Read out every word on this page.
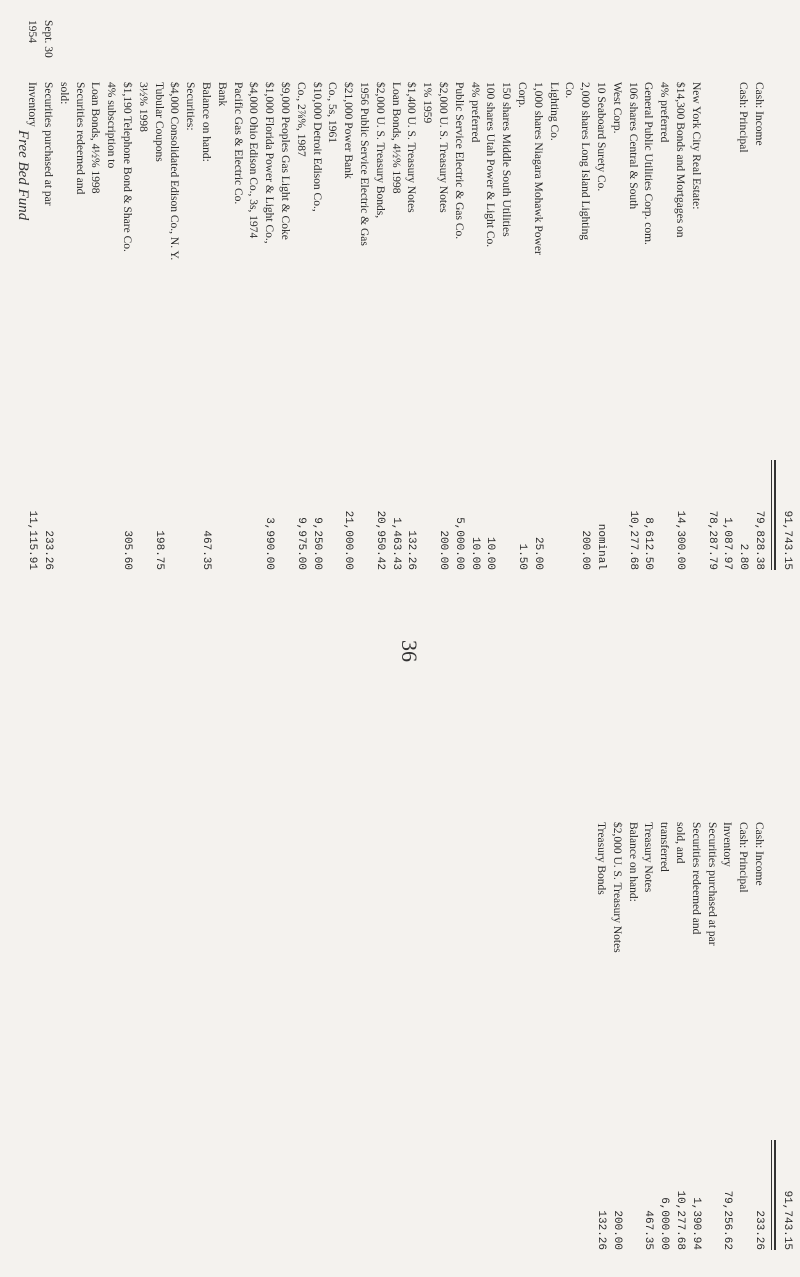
91,743.15
Cash: Income
79,828.38
Cash: Principal
2.80
1,087.97
78,287.79
New York City Real Estate:
$14,300 Bonds and Mortgages on
14,300.00
4% preferred
General Public Utilities Corp. com.
8,612.50
106 shares Central & South
10,277.68
West Corp.
10 Seaboard Surety Co.
nominal
2,000 shares Long Island Lighting
200.00
Co.
Lighting Co.
1,000 shares Niagara Mohawk Power
25.00
Corp.
1.50
150 shares Middle South Utilities
100 shares Utah Power & Light Co.
10.00
4% preferred
10.00
Public Service Electric & Gas Co.
5,000.00
$2,000 U. S. Treasury Notes
200.00
1% 1959
$1,400 U. S. Treasury Notes
132.26
Loan Bonds, 4½% 1998
1,463.43
$2,000 U. S. Treasury Bonds,
20,950.42
1956 Public Service Electric & Gas
$21,000 Power Bank
21,000.00
Co., 5s, 1961
$10,000 Detroit Edison Co.,
9,250.00
Co., 2⅞%, 1987
9,975.00
$9,000 Peoples Gas Light & Coke
$1,000 Florida Power & Light Co.,
3,990.00
$4,000 Ohio Edison Co., 3s, 1974
Pacific Gas & Electric Co.
Bank
Balance on hand:
467.35
Securities:
$4,000 Consolidated Edison Co., N. Y.
Tubular Coupons
198.75
3½% 1998
$1,190 Telephone Bond & Share Co.
305.60
4% subscription to
Loan Bonds, 4½% 1998
Securities redeemed and
sold:
Sept. 30
Securities purchased at par
233.26
1954
Inventory
11,115.91
91,743.15
Cash: Income
233.26
Cash: Principal
Inventory
79,256.62
Securities purchased at par
Securities redeemed and
1,390.94
sold, and
10,277.68
transferred
6,000.00
Treasury Notes
467.35
Balance on hand:
$2,000 U. S. Treasury Notes
200.00
Treasury Bonds
132.26
36
Free Bed Fund
